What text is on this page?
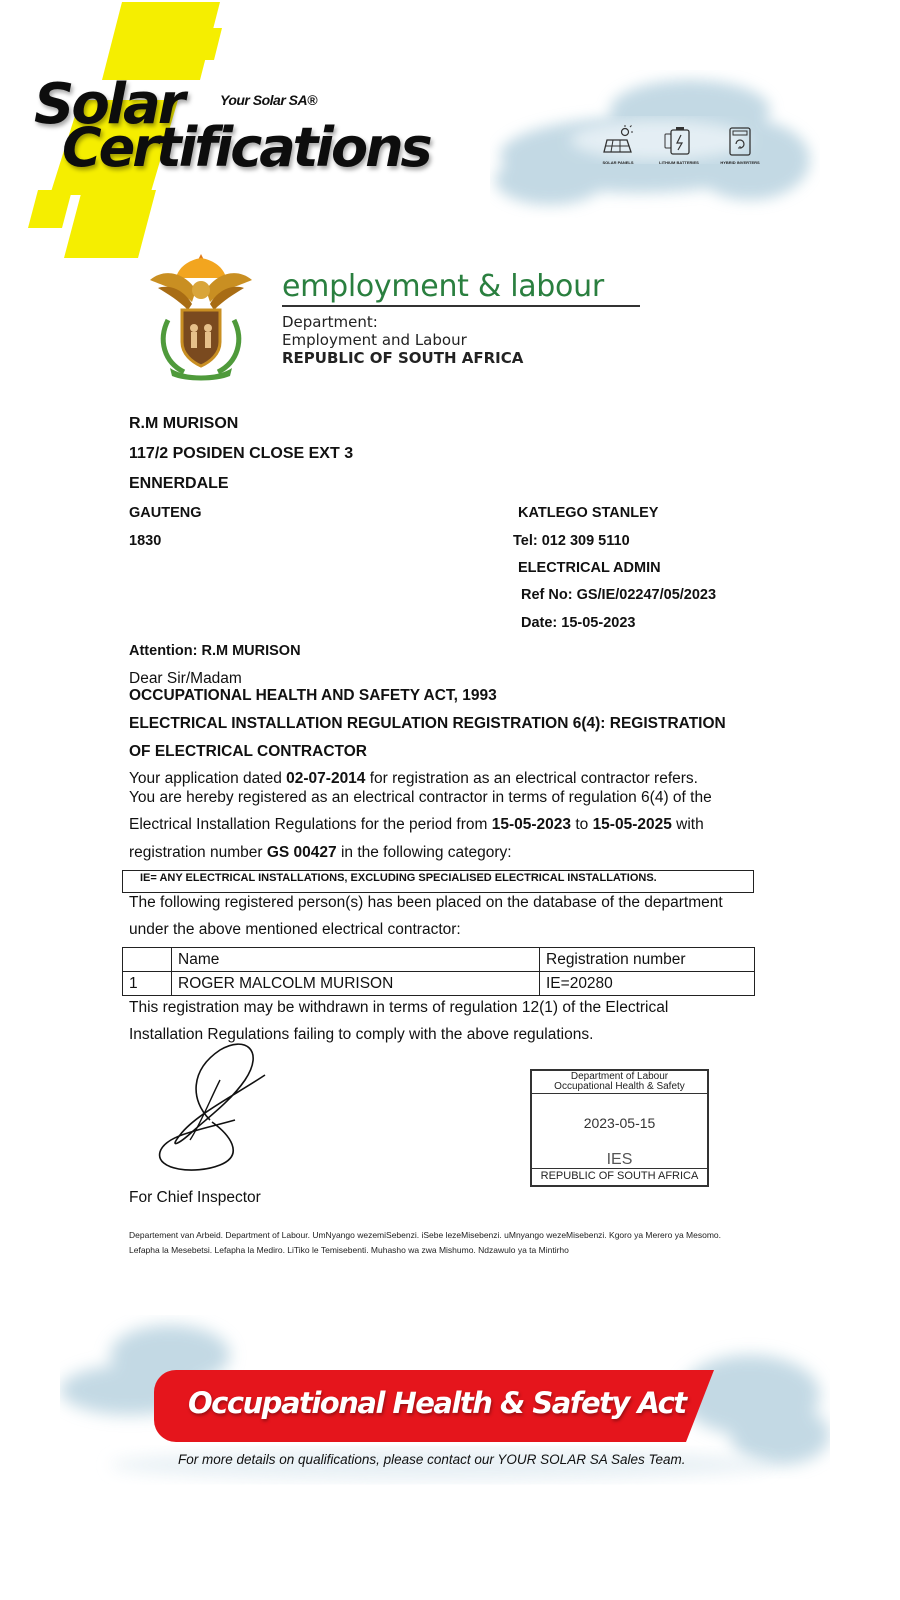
Solar	Your Solar SA®
Certifications	SOLAR PANELS	LITHIUM BATTERIES	HYBRID INVERTERS
employment & labour
Department:
Employment and Labour
REPUBLIC OF SOUTH AFRICA
R.M MURISON
117/2 POSIDEN CLOSE EXT 3
ENNERDALE
GAUTENG
1830
KATLEGO STANLEY
Tel: 012 309 5110
ELECTRICAL ADMIN
Ref No: GS/IE/02247/05/2023
Date: 15-05-2023
Attention: R.M MURISON
Dear Sir/Madam
OCCUPATIONAL HEALTH AND SAFETY ACT, 1993
ELECTRICAL INSTALLATION REGULATION REGISTRATION 6(4): REGISTRATION
OF ELECTRICAL CONTRACTOR
Your application dated 02-07-2014 for registration as an electrical contractor refers.
You are hereby registered as an electrical contractor in terms of regulation 6(4) of the
Electrical Installation Regulations for the period from 15-05-2023 to 15-05-2025 with
registration number GS 00427 in the following category:
IE= ANY ELECTRICAL INSTALLATIONS, EXCLUDING SPECIALISED ELECTRICAL INSTALLATIONS.
The following registered person(s) has been placed on the database of the department
under the above mentioned electrical contractor:
	Name	Registration number
1	ROGER MALCOLM MURISON	IE=20280
This registration may be withdrawn in terms of regulation 12(1) of the Electrical
Installation Regulations failing to comply with the above regulations.
Department of Labour
Occupational Health & Safety
2023-05-15
IES
REPUBLIC OF SOUTH AFRICA
For Chief Inspector
Departement van Arbeid. Department of Labour. UmNyango wezemiSebenzi. iSebe lezeMisebenzi. uMnyango wezeMisebenzi. Kgoro ya Mererо ya Mesomo.
Lefapha la Mesebetsi. Lefapha la Mediro. LiTiko le Temisebenti. Muhasho wa zwa Mishumo. Ndzawulo ya ta Mintirho
Occupational Health & Safety Act
For more details on qualifications, please contact our YOUR SOLAR SA Sales Team.
